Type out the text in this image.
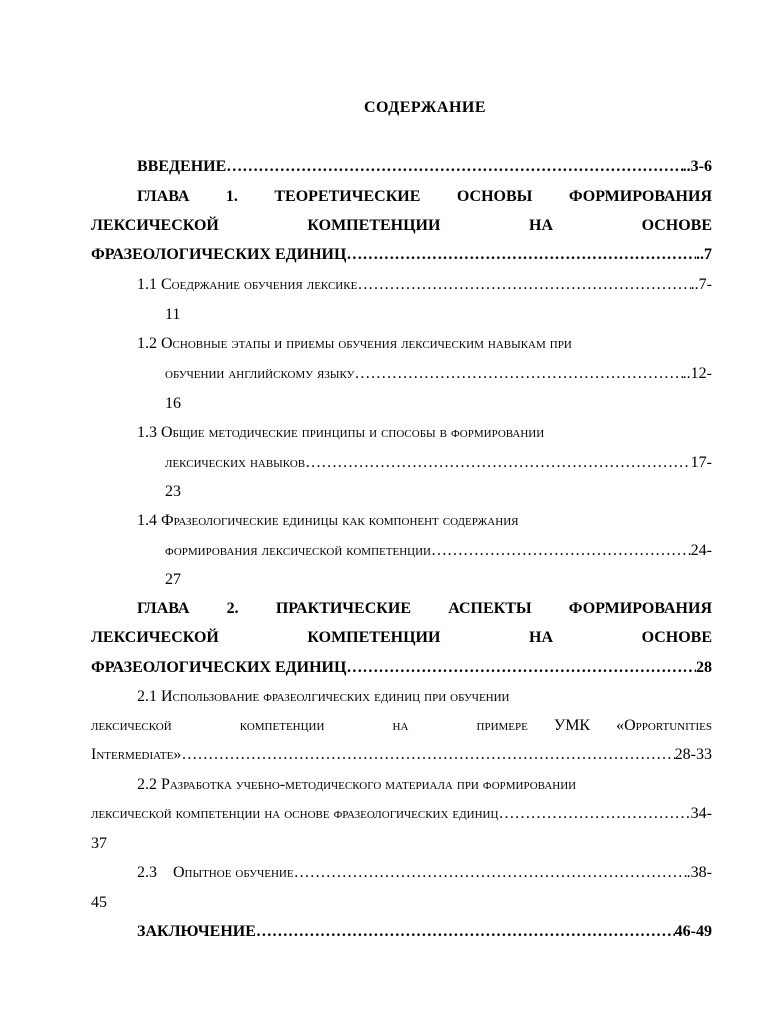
СОДЕРЖАНИЕ
ВВЕДЕНИЕ ………………………………………………………………………………………………………………………………………………………………	..3-6
ГЛАВА 1. ТЕОРЕТИЧЕСКИЕ ОСНОВЫ ФОРМИРОВАНИЯ
ЛЕКСИЧЕСКОЙ КОМПЕТЕНЦИИ НА ОСНОВЕ
ФРАЗЕОЛОГИЧЕСКИХ ЕДИНИЦ ………………………………………………………………………………………………………………………………………………………………	..7
1.1
Соедржание обучения лексике ………………………………………………………………………………………………………………………………………………………………	..7-
11
1.2 Основные этапы и приемы обучения лексическим навыкам при
обучении английскому языку ………………………………………………………………………………………………………………………………………………………………	..12-
16
1.3 Общие методические принципы и способы в формировании
лексических навыков ………………………………………………………………………………………………………………………………………………………………	17-
23
1.4 Фразеологические единицы как компонент содержания
формирования лексической компетенции ………………………………………………………………………………………………………………………………………………………………	24-
27
ГЛАВА 2. ПРАКТИЧЕСКИЕ АСПЕКТЫ ФОРМИРОВАНИЯ
ЛЕКСИЧЕСКОЙ КОМПЕТЕНЦИИ НА ОСНОВЕ
ФРАЗЕОЛОГИЧЕСКИХ ЕДИНИЦ ………………………………………………………………………………………………………………………………………………………………	28
2.1 Использование фразеолгических единиц при обучении
лексической компетенции на примере УМК «Opportunities
Intermediate» ………………………………………………………………………………………………………………………………………………………………	28-33
2.2 Разработка учебно-методического материала при формировании
лексической компетенции на основе фразеологических единиц ………………………………………………………………………………………………………………………………………………………………	34-
37
2.3
Опытное обучение ………………………………………………………………………………………………………………………………………………………………	.38-
45
ЗАКЛЮЧЕНИЕ ………………………………………………………………………………………………………………………………………………………………	46-49
